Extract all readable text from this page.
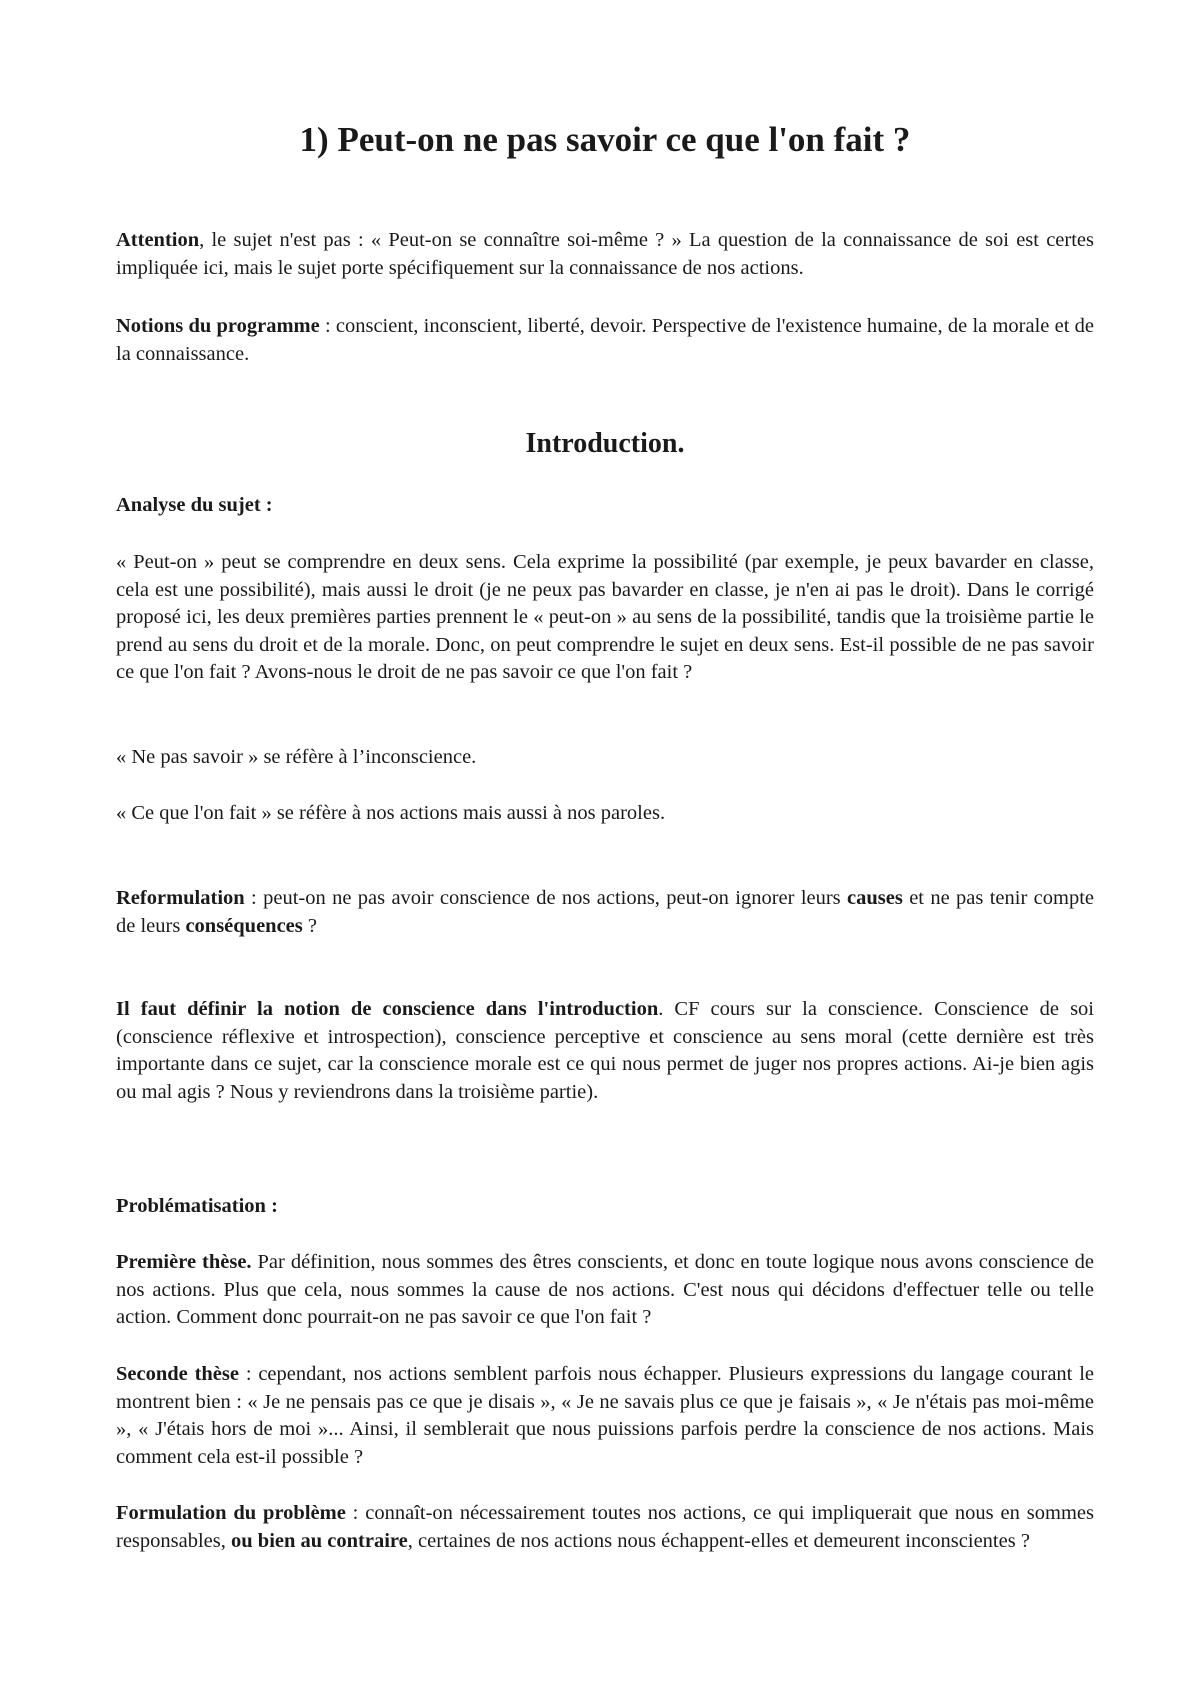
1) Peut-on ne pas savoir ce que l'on fait ?

Attention, le sujet n'est pas : « Peut-on se connaître soi-même ? » La question de la connaissance de soi est certes impliquée ici, mais le sujet porte spécifiquement sur la connaissance de nos actions.

Notions du programme : conscient, inconscient, liberté, devoir. Perspective de l'existence humaine, de la morale et de la connaissance.

Introduction.

Analyse du sujet :

« Peut-on » peut se comprendre en deux sens. Cela exprime la possibilité (par exemple, je peux bavarder en classe, cela est une possibilité), mais aussi le droit (je ne peux pas bavarder en classe, je n'en ai pas le droit). Dans le corrigé proposé ici, les deux premières parties prennent le « peut-on » au sens de la possibilité, tandis que la troisième partie le prend au sens du droit et de la morale. Donc, on peut comprendre le sujet en deux sens. Est-il possible de ne pas savoir ce que l'on fait ? Avons-nous le droit de ne pas savoir ce que l'on fait ?

« Ne pas savoir » se réfère à l’inconscience.

« Ce que l'on fait » se réfère à nos actions mais aussi à nos paroles.

Reformulation : peut-on ne pas avoir conscience de nos actions, peut-on ignorer leurs causes et ne pas tenir compte de leurs conséquences ?

Il faut définir la notion de conscience dans l'introduction. CF cours sur la conscience. Conscience de soi (conscience réflexive et introspection), conscience perceptive et conscience au sens moral (cette dernière est très importante dans ce sujet, car la conscience morale est ce qui nous permet de juger nos propres actions. Ai-je bien agis ou mal agis ? Nous y reviendrons dans la troisième partie).

Problématisation :

Première thèse. Par définition, nous sommes des êtres conscients, et donc en toute logique nous avons conscience de nos actions. Plus que cela, nous sommes la cause de nos actions. C'est nous qui décidons d'effectuer telle ou telle action. Comment donc pourrait-on ne pas savoir ce que l'on fait ?

Seconde thèse : cependant, nos actions semblent parfois nous échapper. Plusieurs expressions du langage courant le montrent bien : « Je ne pensais pas ce que je disais », « Je ne savais plus ce que je faisais », « Je n'étais pas moi-même », « J'étais hors de moi »... Ainsi, il semblerait que nous puissions parfois perdre la conscience de nos actions. Mais comment cela est-il possible ?

Formulation du problème : connaît-on nécessairement toutes nos actions, ce qui impliquerait que nous en sommes responsables, ou bien au contraire, certaines de nos actions nous échappent-elles et demeurent inconscientes ?
